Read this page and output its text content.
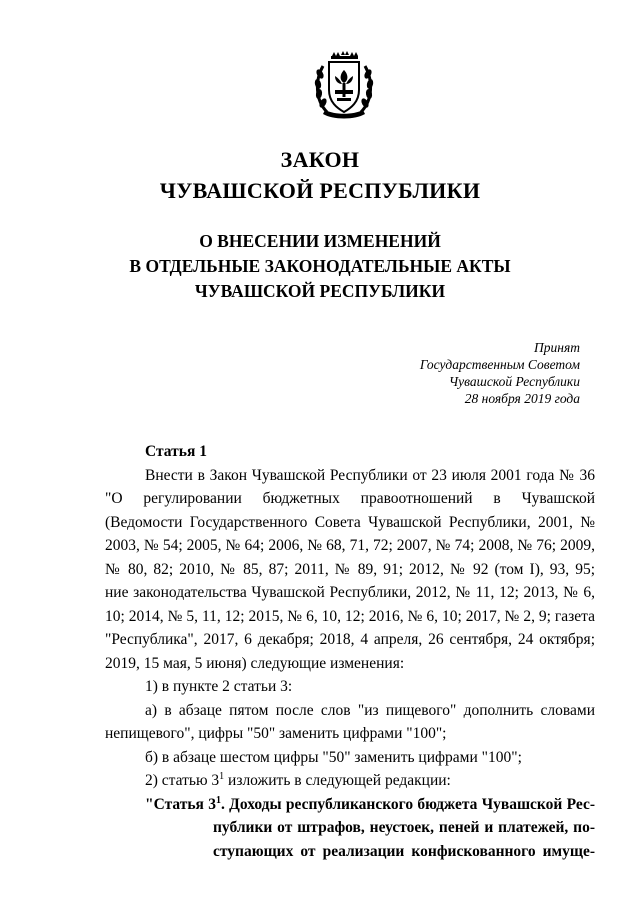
ЗАКОН
ЧУВАШСКОЙ РЕСПУБЛИКИ
О ВНЕСЕНИИ ИЗМЕНЕНИЙ
В ОТДЕЛЬНЫЕ ЗАКОНОДАТЕЛЬНЫЕ АКТЫ
ЧУВАШСКОЙ РЕСПУБЛИКИ
Принят
Государственным Советом
Чувашской Республики
28 ноября 2019 года
Статья 1
Внести в Закон Чувашской Республики от 23 июля 2001 года № 36
"О регулировании бюджетных правоотношений в Чувашской
(Ведомости Государственного Совета Чувашской Республики, 2001, №
2003, № 54; 2005, № 64; 2006, № 68, 71, 72; 2007, № 74; 2008, № 76; 2009,
№ 80, 82; 2010, № 85, 87; 2011, № 89, 91; 2012, № 92 (том I), 93, 95;
ние законодательства Чувашской Республики, 2012, № 11, 12; 2013, № 6,
10; 2014, № 5, 11, 12; 2015, № 6, 10, 12; 2016, № 6, 10; 2017, № 2, 9; газета
"Республика", 2017, 6 декабря; 2018, 4 апреля, 26 сентября, 24 октября;
2019, 15 мая, 5 июня) следующие изменения:
1) в пункте 2 статьи 3:
а) в абзаце пятом после слов "из пищевого" дополнить словами
непищевого", цифры "50" заменить цифрами "100";
б) в абзаце шестом цифры "50" заменить цифрами "100";
2) статью $3^1$ изложить в следующей редакции:
"Статья $3^1$. Доходы республиканского бюджета Чувашской Рес-
публики от штрафов, неустоек, пеней и платежей, по-
ступающих от реализации конфискованного имуще-
